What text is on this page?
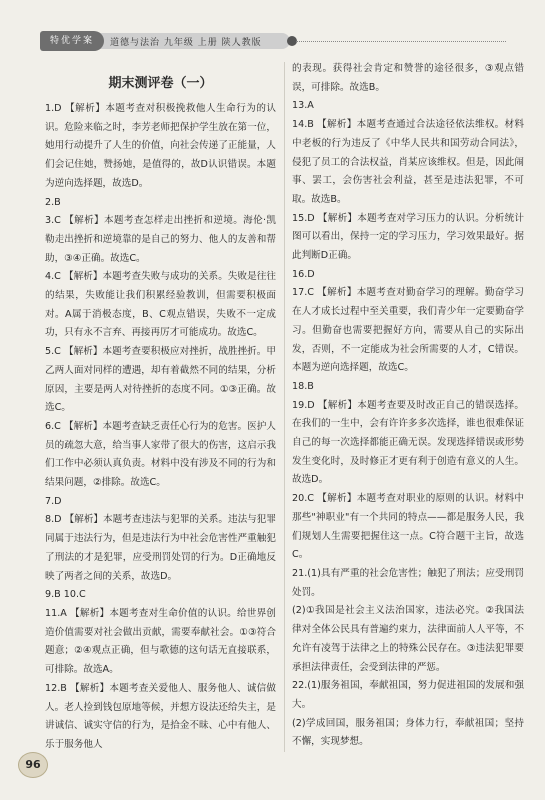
特优学案	道德与法治 九年级 上册 陕人教版
期末测评卷（一）

1.D 【解析】本题考查对积极挽救他人生命行为的认识。危险来临之时，李芳老师把保护学生放在第一位，她用行动提升了人生的价值，向社会传递了正能量，人们会记住她，赞扬她，是值得的，故D认识错误。本题为逆向选择题，故选D。

2.B

3.C 【解析】本题考查怎样走出挫折和逆境。海伦·凯勒走出挫折和逆境靠的是自己的努力、他人的友善和帮助，③④正确。故选C。

4.C 【解析】本题考查失败与成功的关系。失败是往往的结果，失败能让我们积累经验教训，但需要积极面对。A属于消极态度，B、C观点错误，失败不一定成功，只有永不言弃、再接再厉才可能成功。故选C。

5.C 【解析】本题考查要积极应对挫折，战胜挫折。甲乙两人面对同样的遭遇，却有着截然不同的结果，分析原因，主要是两人对待挫折的态度不同。①③正确。故选C。

6.C 【解析】本题考查缺乏责任心行为的危害。医护人员的疏忽大意，给当事人家带了很大的伤害，这启示我们工作中必须认真负责。材料中没有涉及不同的行为和结果问题，②排除。故选C。

7.D

8.D 【解析】本题考查违法与犯罪的关系。违法与犯罪同属于违法行为，但是违法行为中社会危害性严重触犯了刑法的才是犯罪，应受刑罚处罚的行为。D正确地反映了两者之间的关系，故选D。

9.B 10.C

11.A 【解析】本题考查对生命价值的认识。给世界创造价值需要对社会做出贡献，需要奉献社会。①③符合题意；②④观点正确，但与歌德的这句话无直接联系，可排除。故选A。

12.B 【解析】本题考查关爱他人、服务他人、诚信做人。老人捡到钱包原地等候，并想方设法还给失主，是讲诚信、诚实守信的行为，是拾金不昧、心中有他人、乐于服务他人

的表现。获得社会肯定和赞誉的途径很多，③观点错误，可排除。故选B。

13.A

14.B 【解析】本题考查通过合法途径依法维权。材料中老板的行为违反了《中华人民共和国劳动合同法》，侵犯了员工的合法权益，肖某应该维权。但是，因此闹事、罢工，会伤害社会利益，甚至是违法犯罪，不可取。故选B。

15.D 【解析】本题考查对学习压力的认识。分析统计图可以看出，保持一定的学习压力，学习效果最好。据此判断D正确。

16.D

17.C 【解析】本题考查对勤奋学习的理解。勤奋学习在人才成长过程中至关重要，我们青少年一定要勤奋学习。但勤奋也需要把握好方向，需要从自己的实际出发，否则，不一定能成为社会所需要的人才，C错误。本题为逆向选择题，故选C。

18.B

19.D 【解析】本题考查要及时改正自己的错误选择。在我们的一生中，会有许许多多次选择，谁也很难保证自己的每一次选择都能正确无误。发现选择错误或形势发生变化时，及时修正才更有利于创造有意义的人生。故选D。

20.C 【解析】本题考查对职业的原则的认识。材料中那些"神职业"有一个共同的特点——都是服务人民，我们规划人生需要把握住这一点。C符合题干主旨，故选C。

21.(1)具有严重的社会危害性；触犯了刑法；应受刑罚处罚。

(2)①我国是社会主义法治国家，违法必究。②我国法律对全体公民具有普遍约束力，法律面前人人平等，不允许有凌驾于法律之上的特殊公民存在。③违法犯罪要承担法律责任，会受到法律的严惩。

22.(1)服务祖国，奉献祖国，努力促进祖国的发展和强大。

(2)学成回国，服务祖国；身体力行，奉献祖国；坚持不懈，实现梦想。

96
